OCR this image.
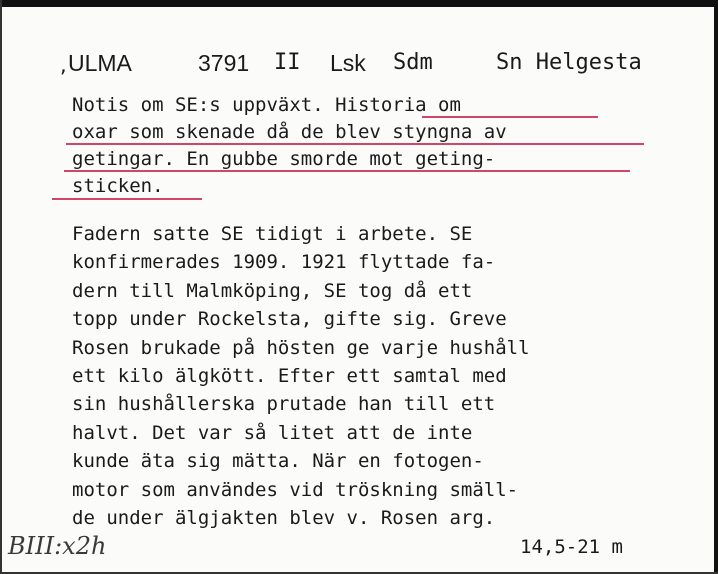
, ULMA	3791 II Lsk Sdm	Sn Helgesta
Notis om SE:s uppväxt. Historia om
oxar som skenade då de blev styngna av
getingar. En gubbe smorde mot geting-
sticken.
Fadern satte SE tidigt i arbete. SE
konfirmerades 1909. 1921 flyttade fa-
dern till Malmköping, SE tog då ett
topp under Rockelsta, gifte sig. Greve
Rosen brukade på hösten ge varje hushåll
ett kilo älgkött. Efter ett samtal med
sin hushållerska prutade han till ett
halvt. Det var så litet att de inte
kunde äta sig mätta. När en fotogen-
motor som användes vid tröskning smäll-
de under älgjakten blev v. Rosen arg.
BIII:x2h	14,5-21 m
